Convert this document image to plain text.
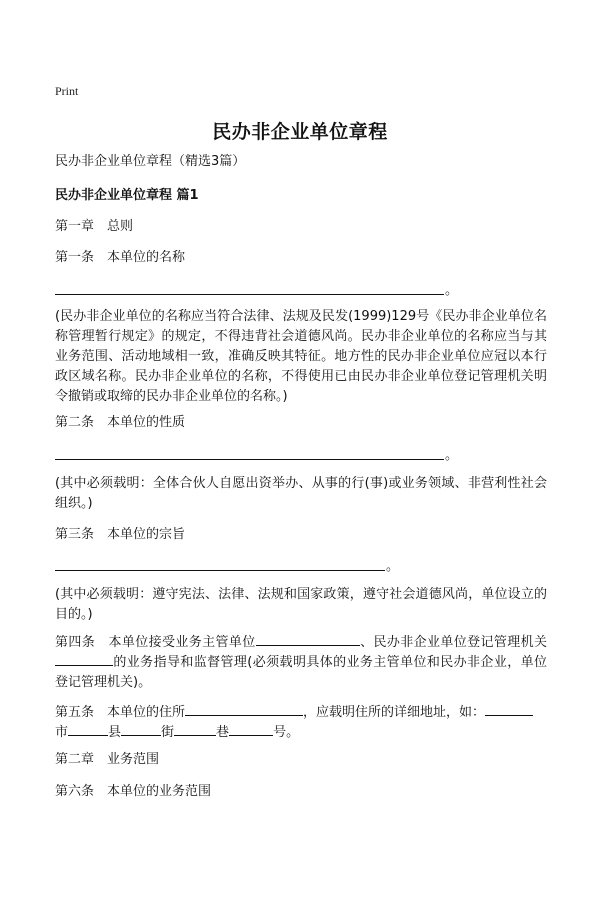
Print
民办非企业单位章程
民办非企业单位章程（精选3篇）
民办非企业单位章程 篇1
第一章　总则
第一条　本单位的名称
。
(民办非企业单位的名称应当符合法律、法规及民发(1999)129号《民办非企业单位名称管理暂行规定》的规定，不得违背社会道德风尚。民办非企业单位的名称应当与其业务范围、活动地域相一致，准确反映其特征。地方性的民办非企业单位应冠以本行政区域名称。民办非企业单位的名称，不得使用已由民办非企业单位登记管理机关明令撤销或取缔的民办非企业单位的名称。)
第二条　本单位的性质
。
(其中必须载明：全体合伙人自愿出资举办、从事的行(事)或业务领域、非营利性社会组织。)
第三条　本单位的宗旨
。
(其中必须载明：遵守宪法、法律、法规和国家政策，遵守社会道德风尚，单位设立的目的。)
第四条　本单位接受业务主管单位	、民办非企业单位登记管理机关的业务指导和监督管理(必须载明具体的业务主管单位和民办非企业，单位登记管理机关)。
第五条　本单位的住所	，应载明住所的详细地址，如：
市	县	街	巷	号。
第二章　业务范围
第六条　本单位的业务范围
